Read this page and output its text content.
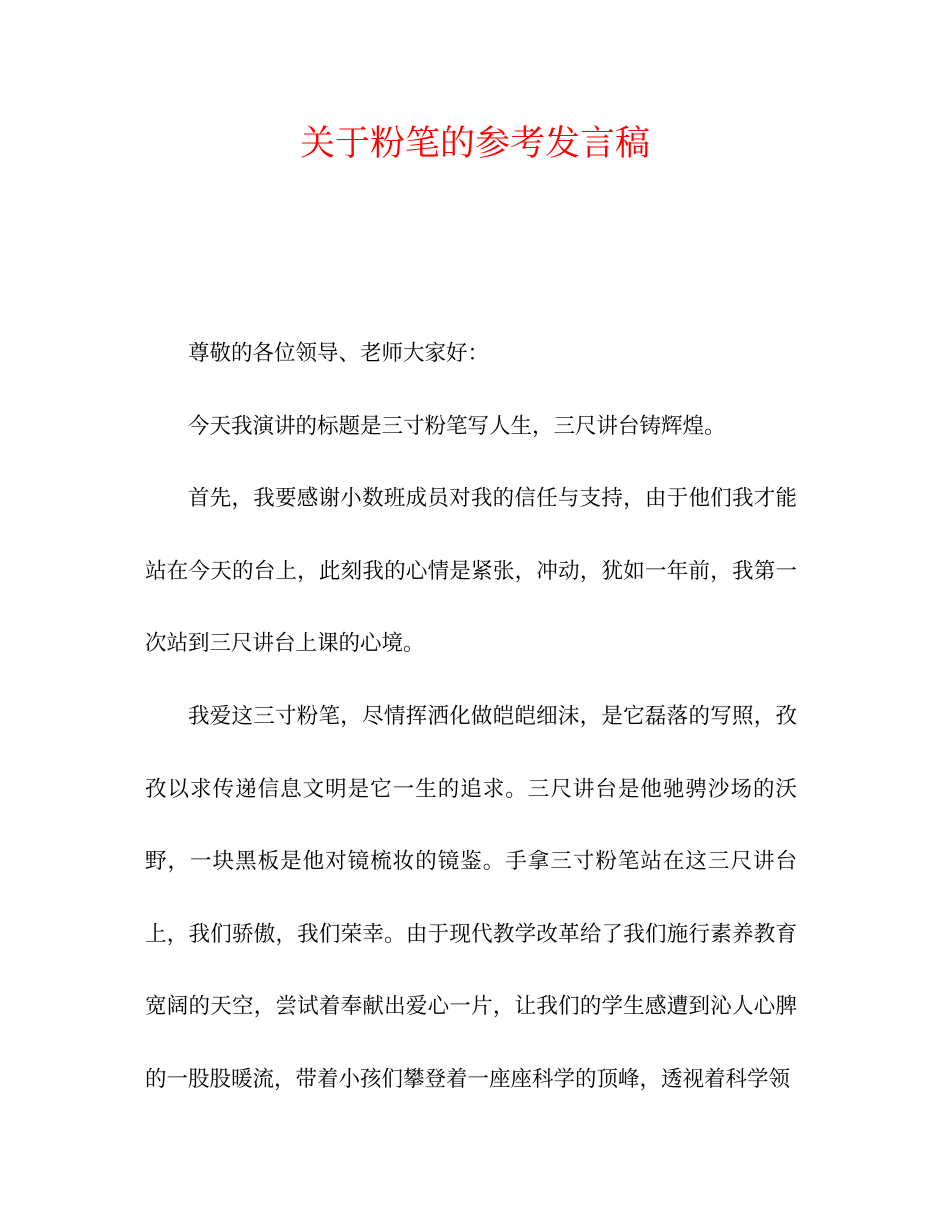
关于粉笔的参考发言稿

尊敬的各位领导、老师大家好：

今天我演讲的标题是三寸粉笔写人生，三尺讲台铸辉煌。

首先，我要感谢小数班成员对我的信任与支持，由于他们我才能站在今天的台上，此刻我的心情是紧张，冲动，犹如一年前，我第一次站到三尺讲台上课的心境。

我爱这三寸粉笔，尽情挥洒化做皑皑细沫，是它磊落的写照，孜孜以求传递信息文明是它一生的追求。三尺讲台是他驰骋沙场的沃野，一块黑板是他对镜梳妆的镜鉴。手拿三寸粉笔站在这三尺讲台上，我们骄傲，我们荣幸。由于现代教学改革给了我们施行素养教育宽阔的天空，尝试着奉献出爱心一片，让我们的学生感遭到沁人心脾的一股股暖流，带着小孩们攀登着一座座科学的顶峰，透视着科学领
